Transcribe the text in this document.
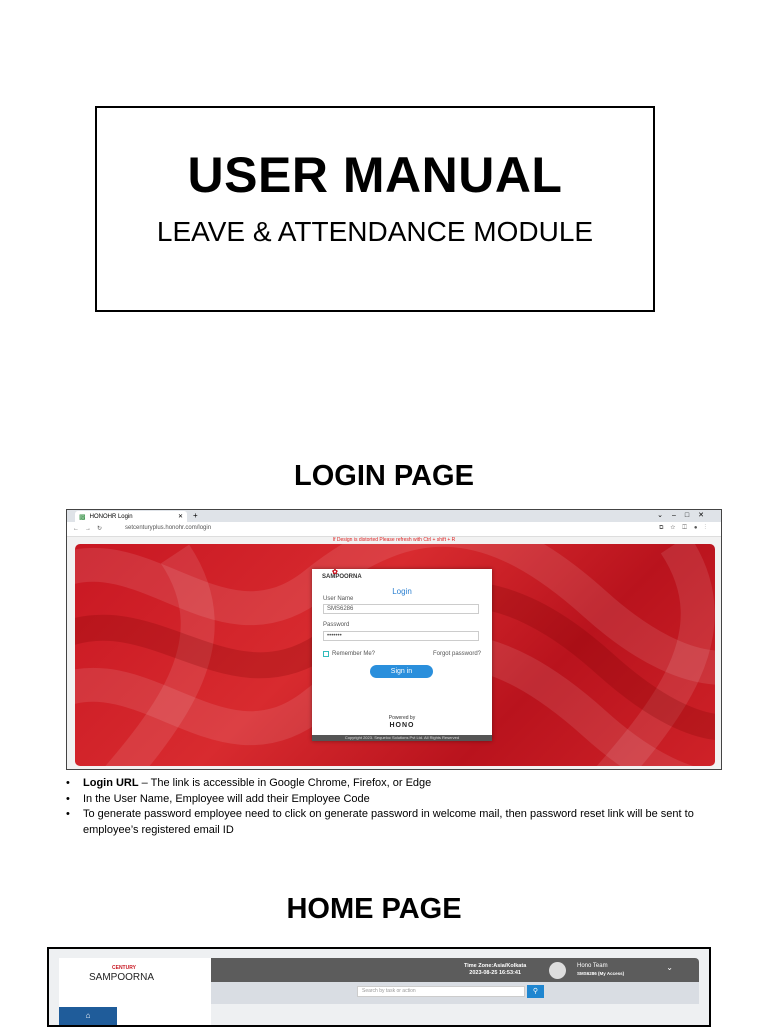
USER MANUAL
LEAVE & ATTENDANCE MODULE
LOGIN PAGE
▩ HONOHR Login	✕ +	⌄–□✕
←→↻	setcenturyplus.honohr.com/login	⧉☆◫●⋮
If Design is distorted Please refresh with Ctrl + shift + R
✿
SAMPOORNA
Login
User Name
SMS6286
Password
•••••••
Remember Me?	Forgot password?
Sign in
Powered by
HONO
Copyright 2023. Sequeloc Solutions Pvt Ltd. All Rights Reserved
• Login URL – The link is accessible in Google Chrome, Firefox, or Edge
• In the User Name, Employee will add their Employee Code
• To generate password employee need to click on generate password in welcome mail, then password reset link will be sent to employee’s registered email ID
HOME PAGE
CENTURY
SAMPOORNA
Time Zone:Asia/Kolkata
2023-08-25 16:53:41
Hono Team
SMS6286 (My Access)
⌄
Search by task or action	⚲
⌂
